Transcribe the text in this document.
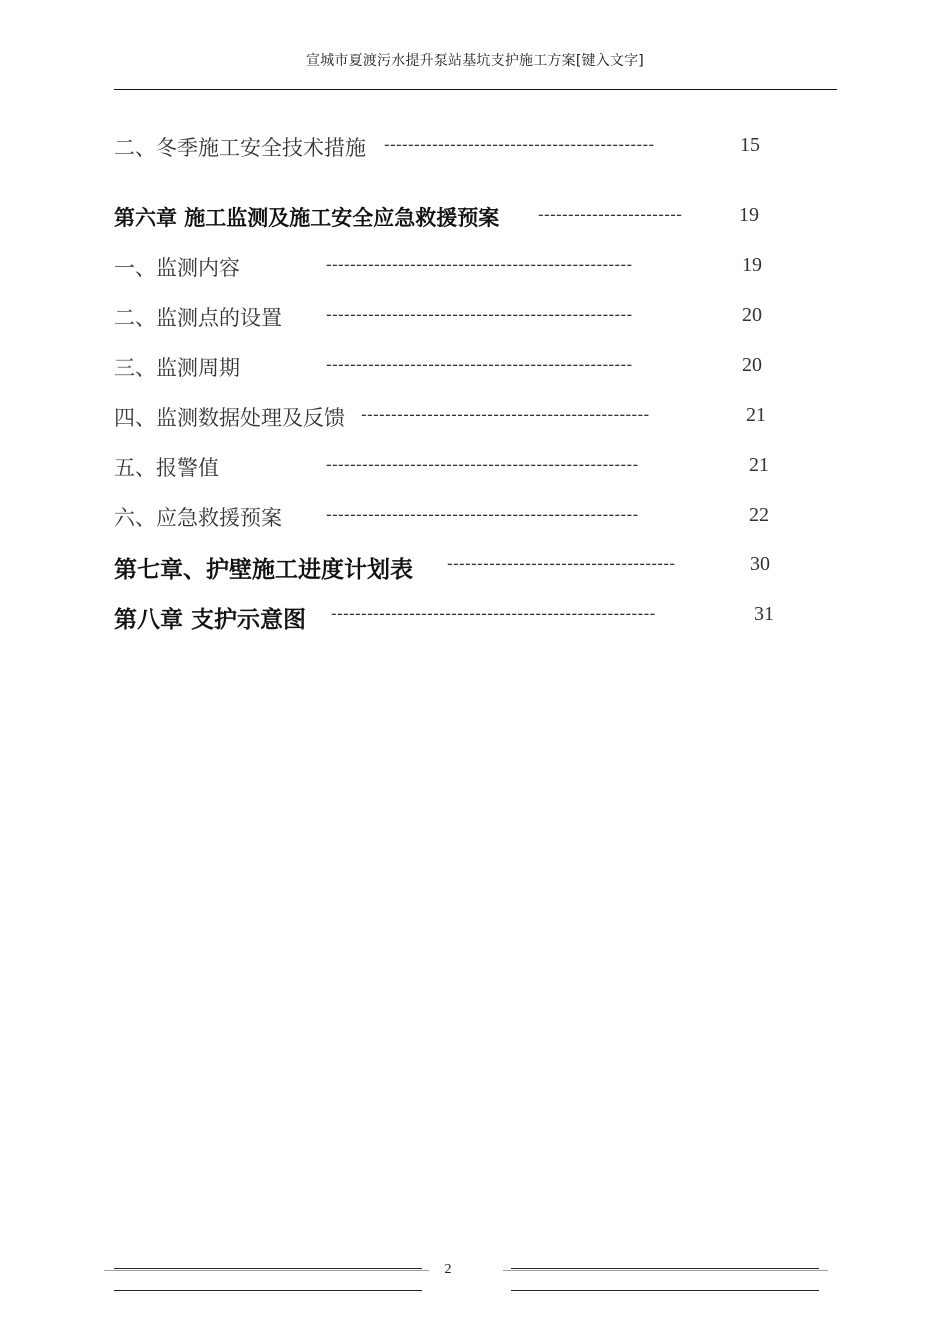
宣城市夏渡污水提升泵站基坑支护施工方案[键入文字]
二、冬季施工安全技术措施 ---------------------------------------------	15
第六章 施工监测及施工安全应急救援预案 ------------------------	19
一、监测内容	---------------------------------------------------	19
二、监测点的设置	---------------------------------------------------	20
三、监测周期	---------------------------------------------------	20
四、监测数据处理及反馈 ------------------------------------------------	21
五、报警值	----------------------------------------------------	21
六、应急救援预案	----------------------------------------------------	22
第七章、护壁施工进度计划表 --------------------------------------	30
第八章 支护示意图 ------------------------------------------------------	31
2
